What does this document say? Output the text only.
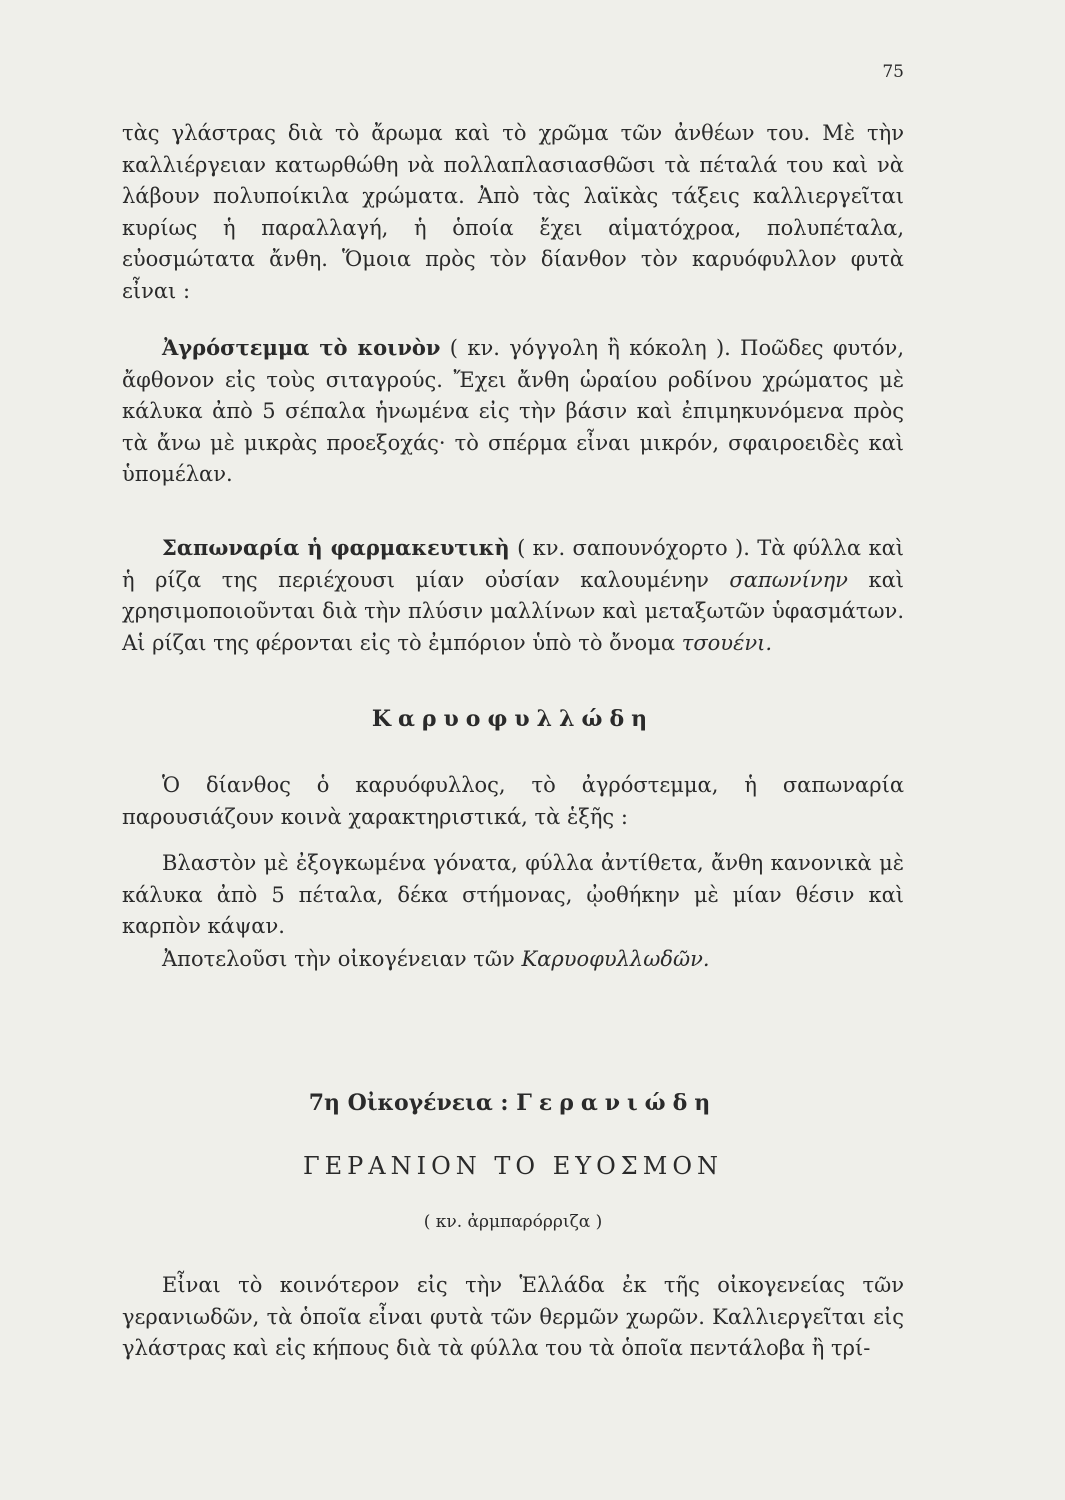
75

τὰς γλάστρας διὰ τὸ ἄρωμα καὶ τὸ χρῶμα τῶν ἀνθέων του. Μὲ τὴν καλλιέργειαν κατωρθώθη νὰ πολλαπλασιασθῶσι τὰ πέταλά του καὶ νὰ λάβουν πολυποίκιλα χρώματα. Ἀπὸ τὰς λαϊκὰς τάξεις καλλιεργεῖται κυρίως ἡ παραλλαγή, ἡ ὁποία ἔχει αἱματόχροα, πολυπέταλα, εὐοσμώτατα ἄνθη. Ὅμοια πρὸς τὸν δίανθον τὸν καρυόφυλλον φυτὰ εἶναι :

Ἀγρόστεμμα τὸ κοινὸν ( κν. γόγγολη ἢ κόκολη ). Ποῶδες φυτόν, ἄφθονον εἰς τοὺς σιταγρούς. Ἔχει ἄνθη ὡραίου ροδίνου χρώματος μὲ κάλυκα ἀπὸ 5 σέπαλα ἡνωμένα εἰς τὴν βάσιν καὶ ἐπιμηκυνόμενα πρὸς τὰ ἄνω μὲ μικρὰς προεξοχάς· τὸ σπέρμα εἶναι μικρόν, σφαιροειδὲς καὶ ὑπομέλαν.

Σαπωναρία ἡ φαρμακευτικὴ ( κν. σαπουνόχορτο ). Τὰ φύλλα καὶ ἡ ρίζα της περιέχουσι μίαν οὐσίαν καλουμένην σαπωνίνην καὶ χρησιμοποιοῦνται διὰ τὴν πλύσιν μαλλίνων καὶ μεταξωτῶν ὑφασμάτων. Αἱ ρίζαι της φέρονται εἰς τὸ ἐμπόριον ὑπὸ τὸ ὄνομα τσουένι.

Καρυοφυλλώδη

Ὁ δίανθος ὁ καρυόφυλλος, τὸ ἀγρόστεμμα, ἡ σαπωναρία παρουσιάζουν κοινὰ χαρακτηριστικά, τὰ ἑξῆς :

Βλαστὸν μὲ ἐξογκωμένα γόνατα, φύλλα ἀντίθετα, ἄνθη κανονικὰ μὲ κάλυκα ἀπὸ 5 πέταλα, δέκα στήμονας, ᾠοθήκην μὲ μίαν θέσιν καὶ καρπὸν κάψαν.

Ἀποτελοῦσι τὴν οἰκογένειαν τῶν Καρυοφυλλωδῶν.

7η Οἰκογένεια : Γερανιώδη
ΓΕΡΑΝΙΟΝ ΤΟ ΕΥΟΣΜΟΝ
( κν. ἀρμπαρόρριζα )

Εἶναι τὸ κοινότερον εἰς τὴν Ἑλλάδα ἐκ τῆς οἰκογενείας τῶν γερανιωδῶν, τὰ ὁποῖα εἶναι φυτὰ τῶν θερμῶν χωρῶν. Καλλιεργεῖται εἰς γλάστρας καὶ εἰς κήπους διὰ τὰ φύλλα του τὰ ὁποῖα πεντάλοβα ἢ τρί-
